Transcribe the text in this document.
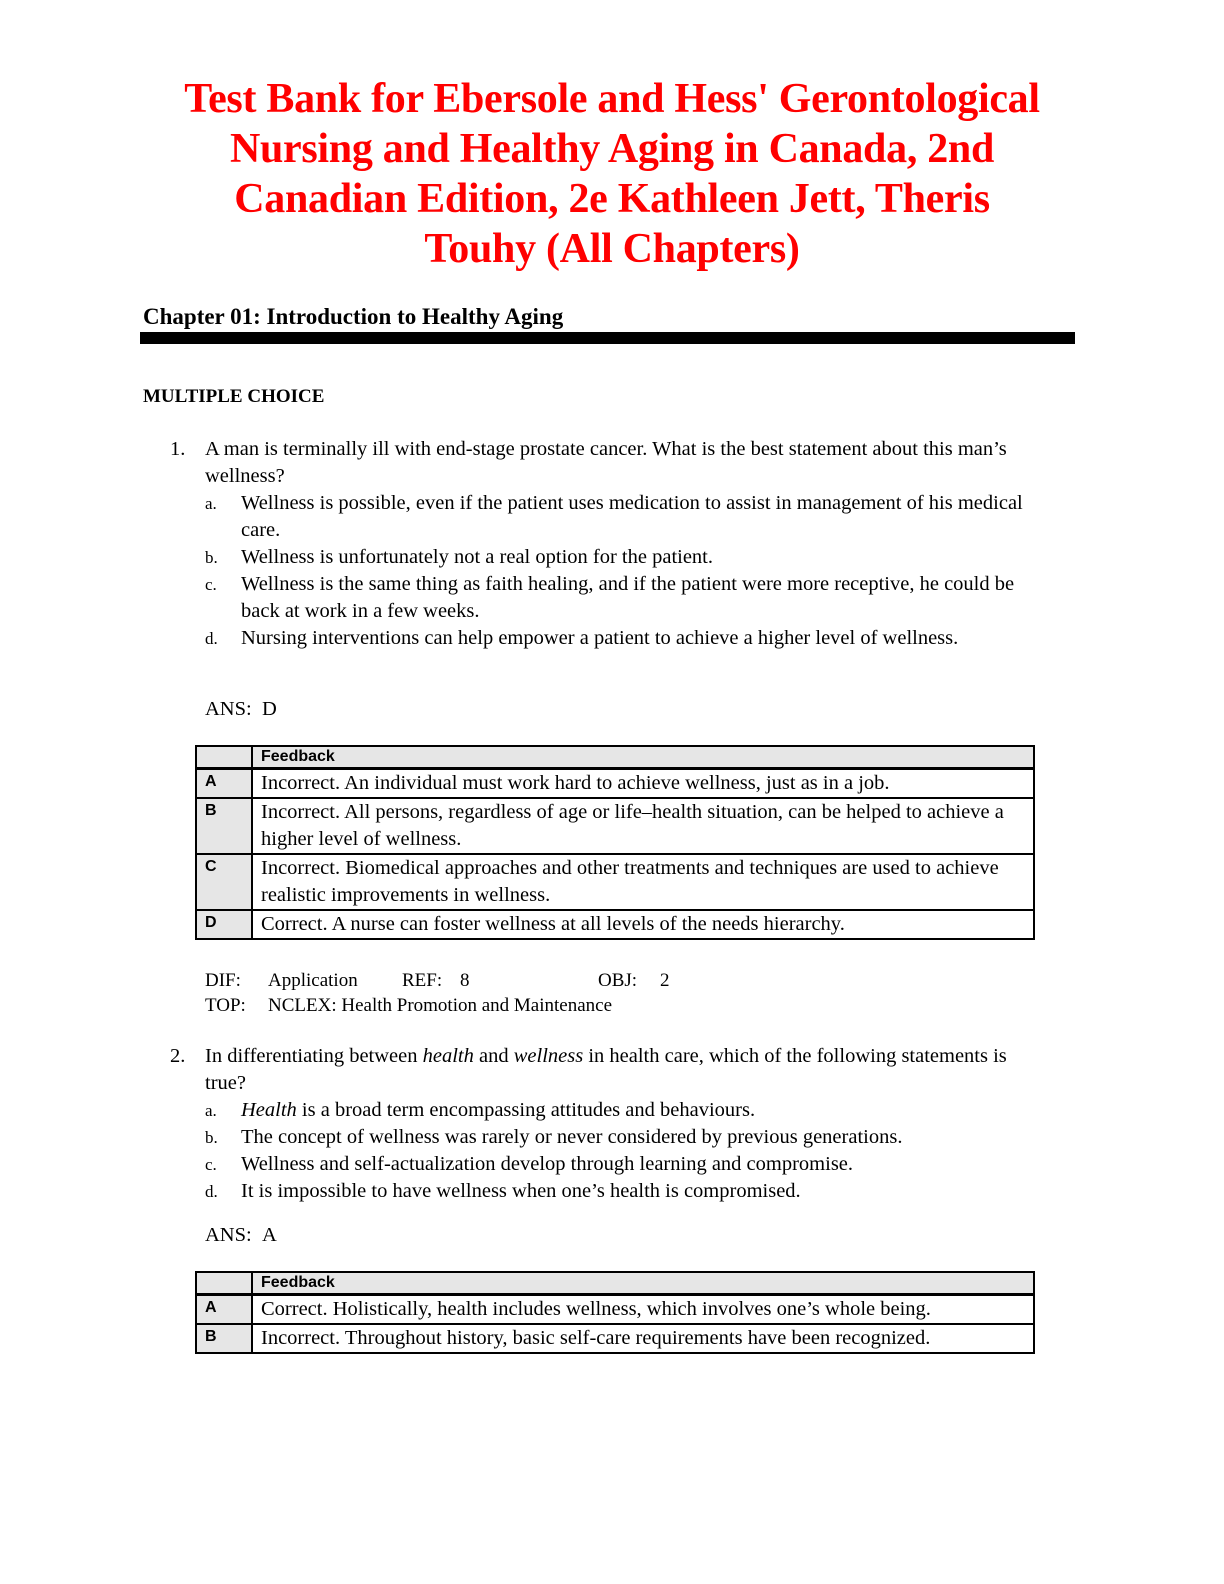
Test Bank for Ebersole and Hess' Gerontological
Nursing and Healthy Aging in Canada, 2nd
Canadian Edition, 2e Kathleen Jett, Theris
Touhy (All Chapters)
Chapter 01: Introduction to Healthy Aging
MULTIPLE CHOICE
1. A man is terminally ill with end-stage prostate cancer. What is the best statement about this man’s wellness?
a. Wellness is possible, even if the patient uses medication to assist in management of his medical care.
b. Wellness is unfortunately not a real option for the patient.
c. Wellness is the same thing as faith healing, and if the patient were more receptive, he could be back at work in a few weeks.
d. Nursing interventions can help empower a patient to achieve a higher level of wellness.
ANS: D
	Feedback
A	Incorrect. An individual must work hard to achieve wellness, just as in a job.
B	Incorrect. All persons, regardless of age or life–health situation, can be helped to achieve a higher level of wellness.
C	Incorrect. Biomedical approaches and other treatments and techniques are used to achieve realistic improvements in wellness.
D	Correct. A nurse can foster wellness at all levels of the needs hierarchy.
DIF: Application REF: 8	OBJ: 2
TOP: NCLEX: Health Promotion and Maintenance
2. In differentiating between health and wellness in health care, which of the following statements is true?
a. Health is a broad term encompassing attitudes and behaviours.
b. The concept of wellness was rarely or never considered by previous generations.
c. Wellness and self-actualization develop through learning and compromise.
d. It is impossible to have wellness when one’s health is compromised.
ANS: A
	Feedback
A	Correct. Holistically, health includes wellness, which involves one’s whole being.
B	Incorrect. Throughout history, basic self-care requirements have been recognized.
